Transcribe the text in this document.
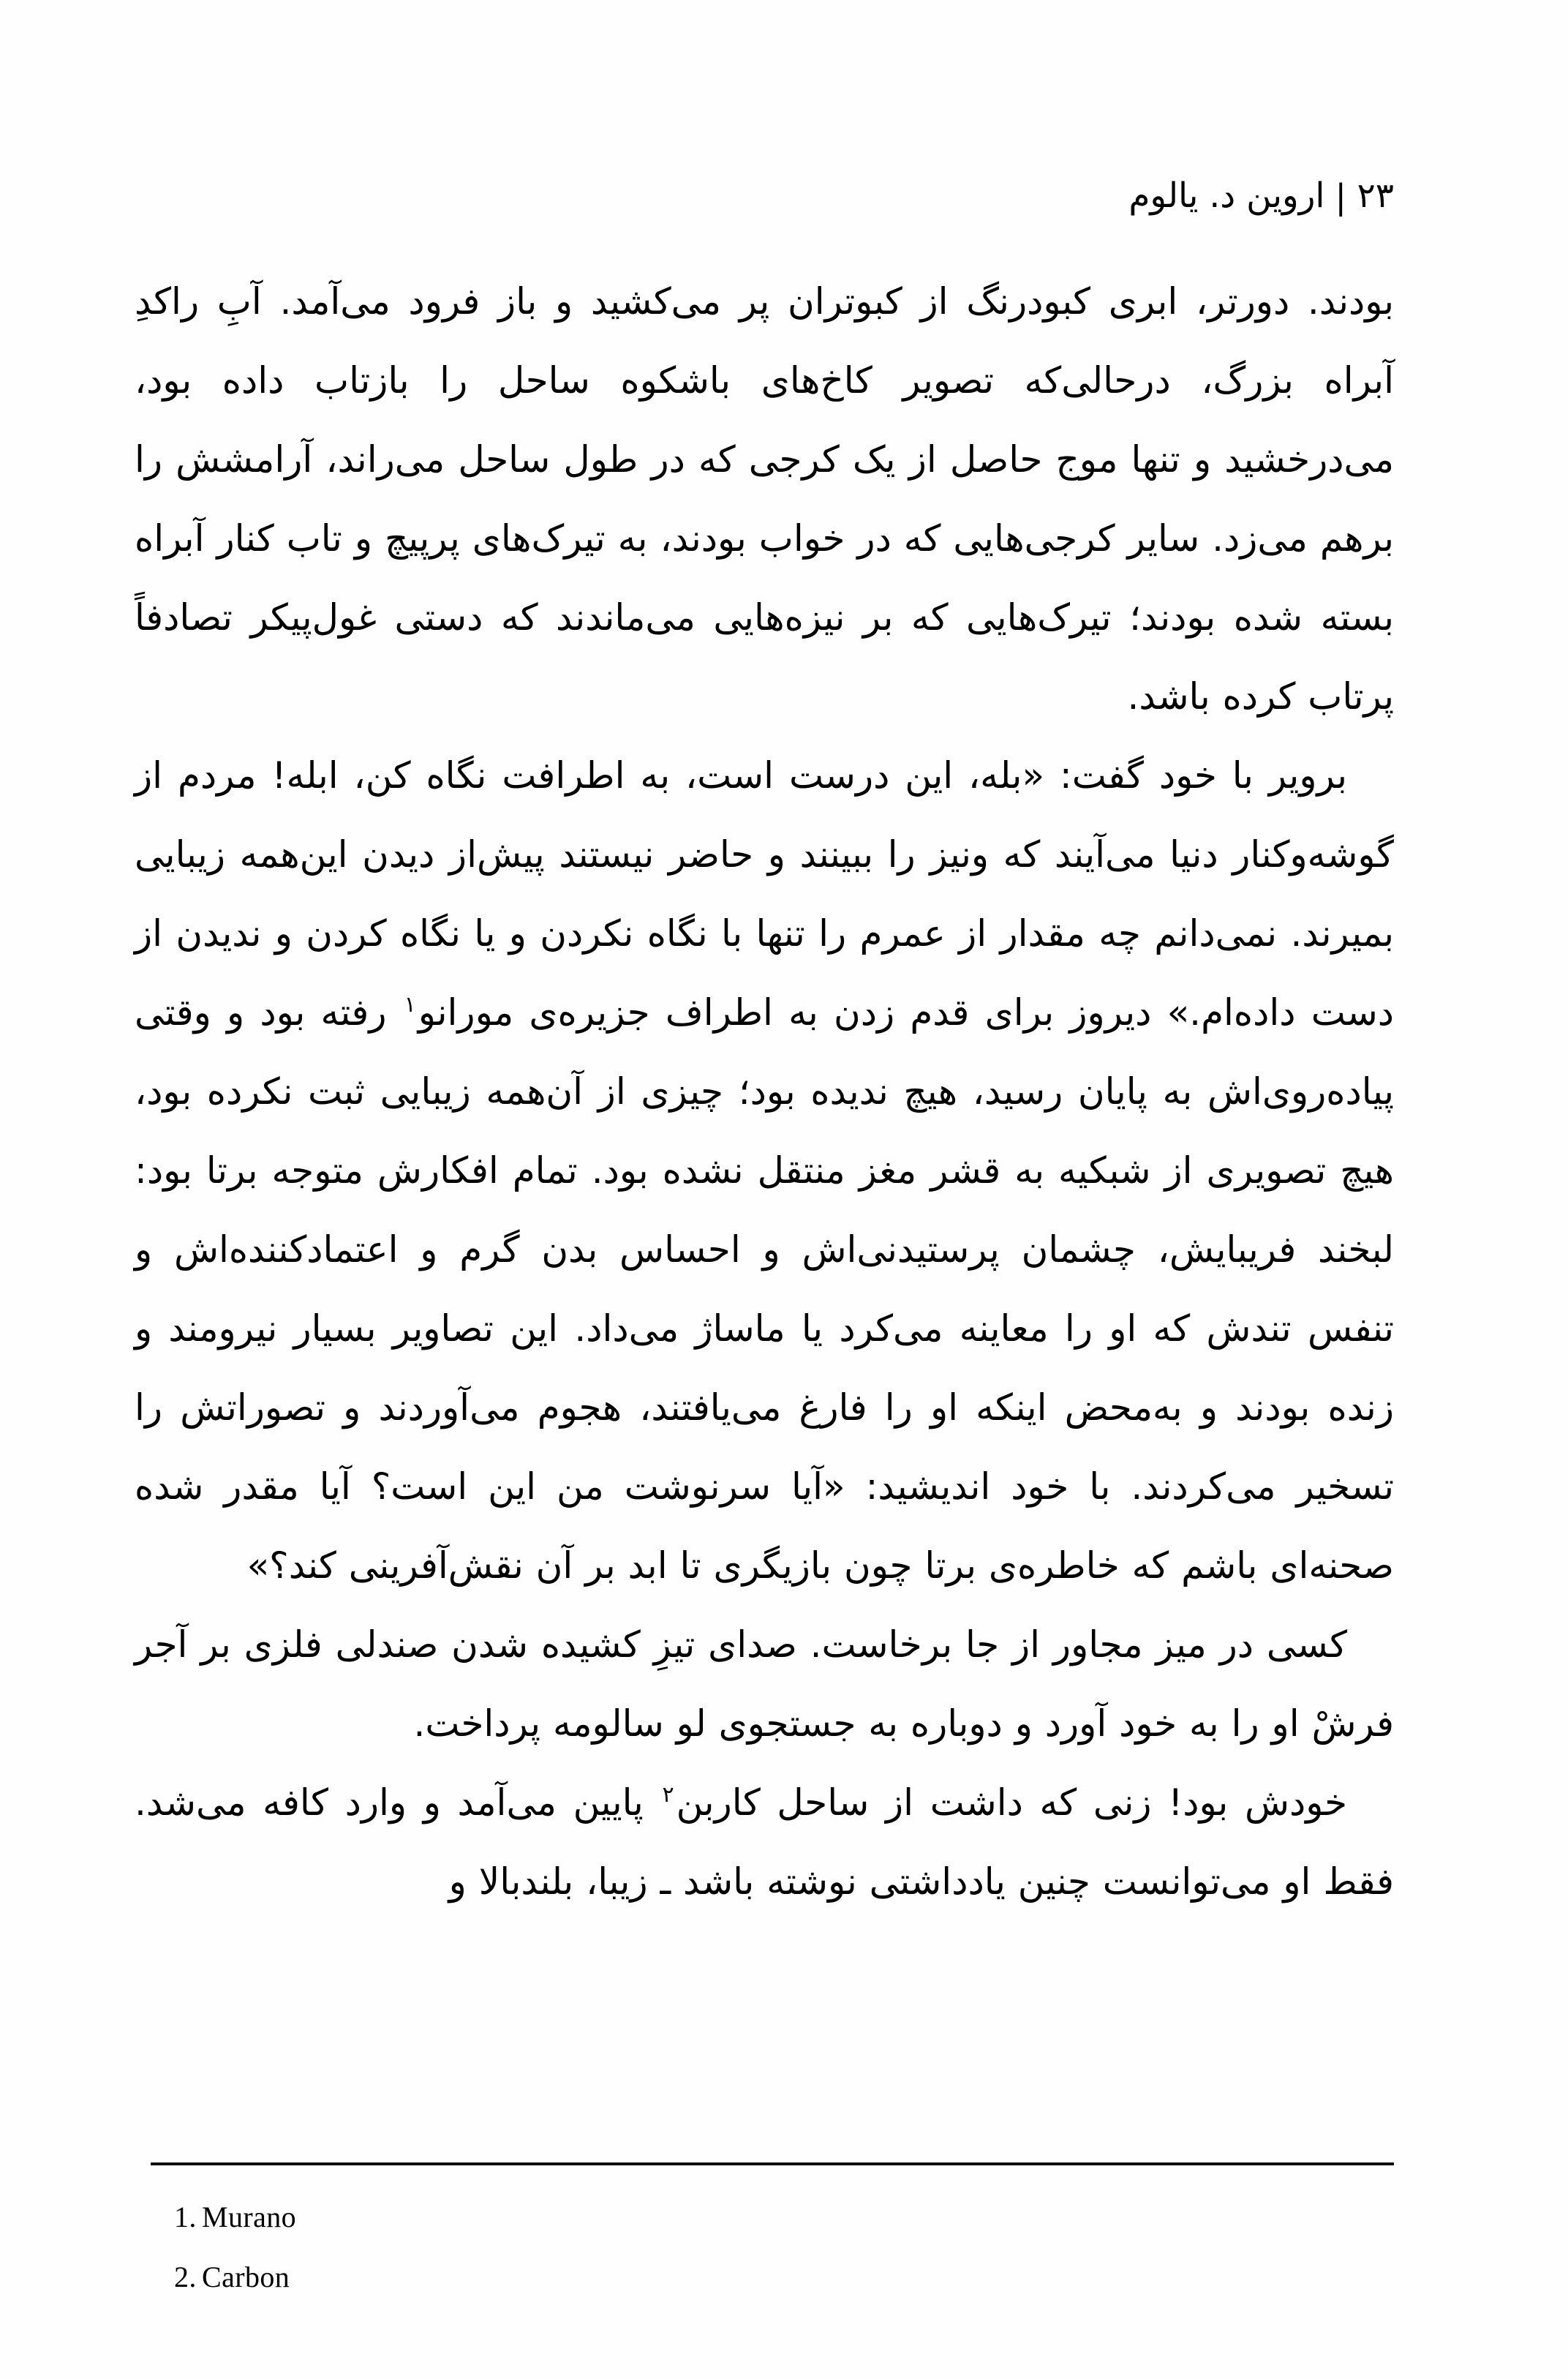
۲۳|اروین د. یالوم

بودند. دورتر، ابری کبودرنگ از کبوتران پر می‌کشید و باز فرود می‌آمد. آبِ راکدِ آبراه بزرگ، درحالی‌که تصویر کاخ‌های باشکوه ساحل را بازتاب داده بود، می‌درخشید و تنها موج حاصل از یک کرجی که در طول ساحل می‌راند، آرامشش را برهم می‌زد. سایر کرجی‌هایی که در خواب بودند، به تیرک‌های پرپیچ و تاب کنار آبراه بسته شده بودند؛ تیرک‌هایی که بر نیزه‌هایی می‌ماندند که دستی غول‌پیکر تصادفاً پرتاب کرده باشد.

برویر با خود گفت: «بله، این درست است، به اطرافت نگاه کن، ابله! مردم از گوشه‌وکنار دنیا می‌آیند که ونیز را ببینند و حاضر نیستند پیش‌از دیدن این‌همه زیبایی بمیرند. نمی‌دانم چه مقدار از عمرم را تنها با نگاه نکردن و یا نگاه کردن و ندیدن از دست داده‌ام.» دیروز برای قدم زدن به اطراف جزیره‌ی مورانو$^۱$ رفته بود و وقتی پیاده‌روی‌اش به پایان رسید، هیچ ندیده بود؛ چیزی از آن‌همه زیبایی ثبت نکرده بود، هیچ تصویری از شبکیه به قشر مغز منتقل نشده بود. تمام افکارش متوجه برتا بود: لبخند فریبایش، چشمان پرستیدنی‌اش و احساس بدن گرم و اعتمادکننده‌اش و تنفس تندش که او را معاینه می‌کرد یا ماساژ می‌داد. این تصاویر بسیار نیرومند و زنده بودند و به‌محض اینکه او را فارغ می‌یافتند، هجوم می‌آوردند و تصوراتش را تسخیر می‌کردند. با خود اندیشید: «آیا سرنوشت من این است؟ آیا مقدر شده صحنه‌ای باشم که خاطره‌ی برتا چون بازیگری تا ابد بر آن نقش‌آفرینی کند؟»

کسی در میز مجاور از جا برخاست. صدای تیزِ کشیده شدن صندلی فلزی بر آجر فرشْ او را به خود آورد و دوباره به جستجوی لو سالومه پرداخت.

خودش بود! زنی که داشت از ساحل کاربن$^۲$ پایین می‌آمد و وارد کافه می‌شد. فقط او می‌توانست چنین یادداشتی نوشته باشد ـ زیبا، بلندبالا و

1. Murano
2. Carbon
